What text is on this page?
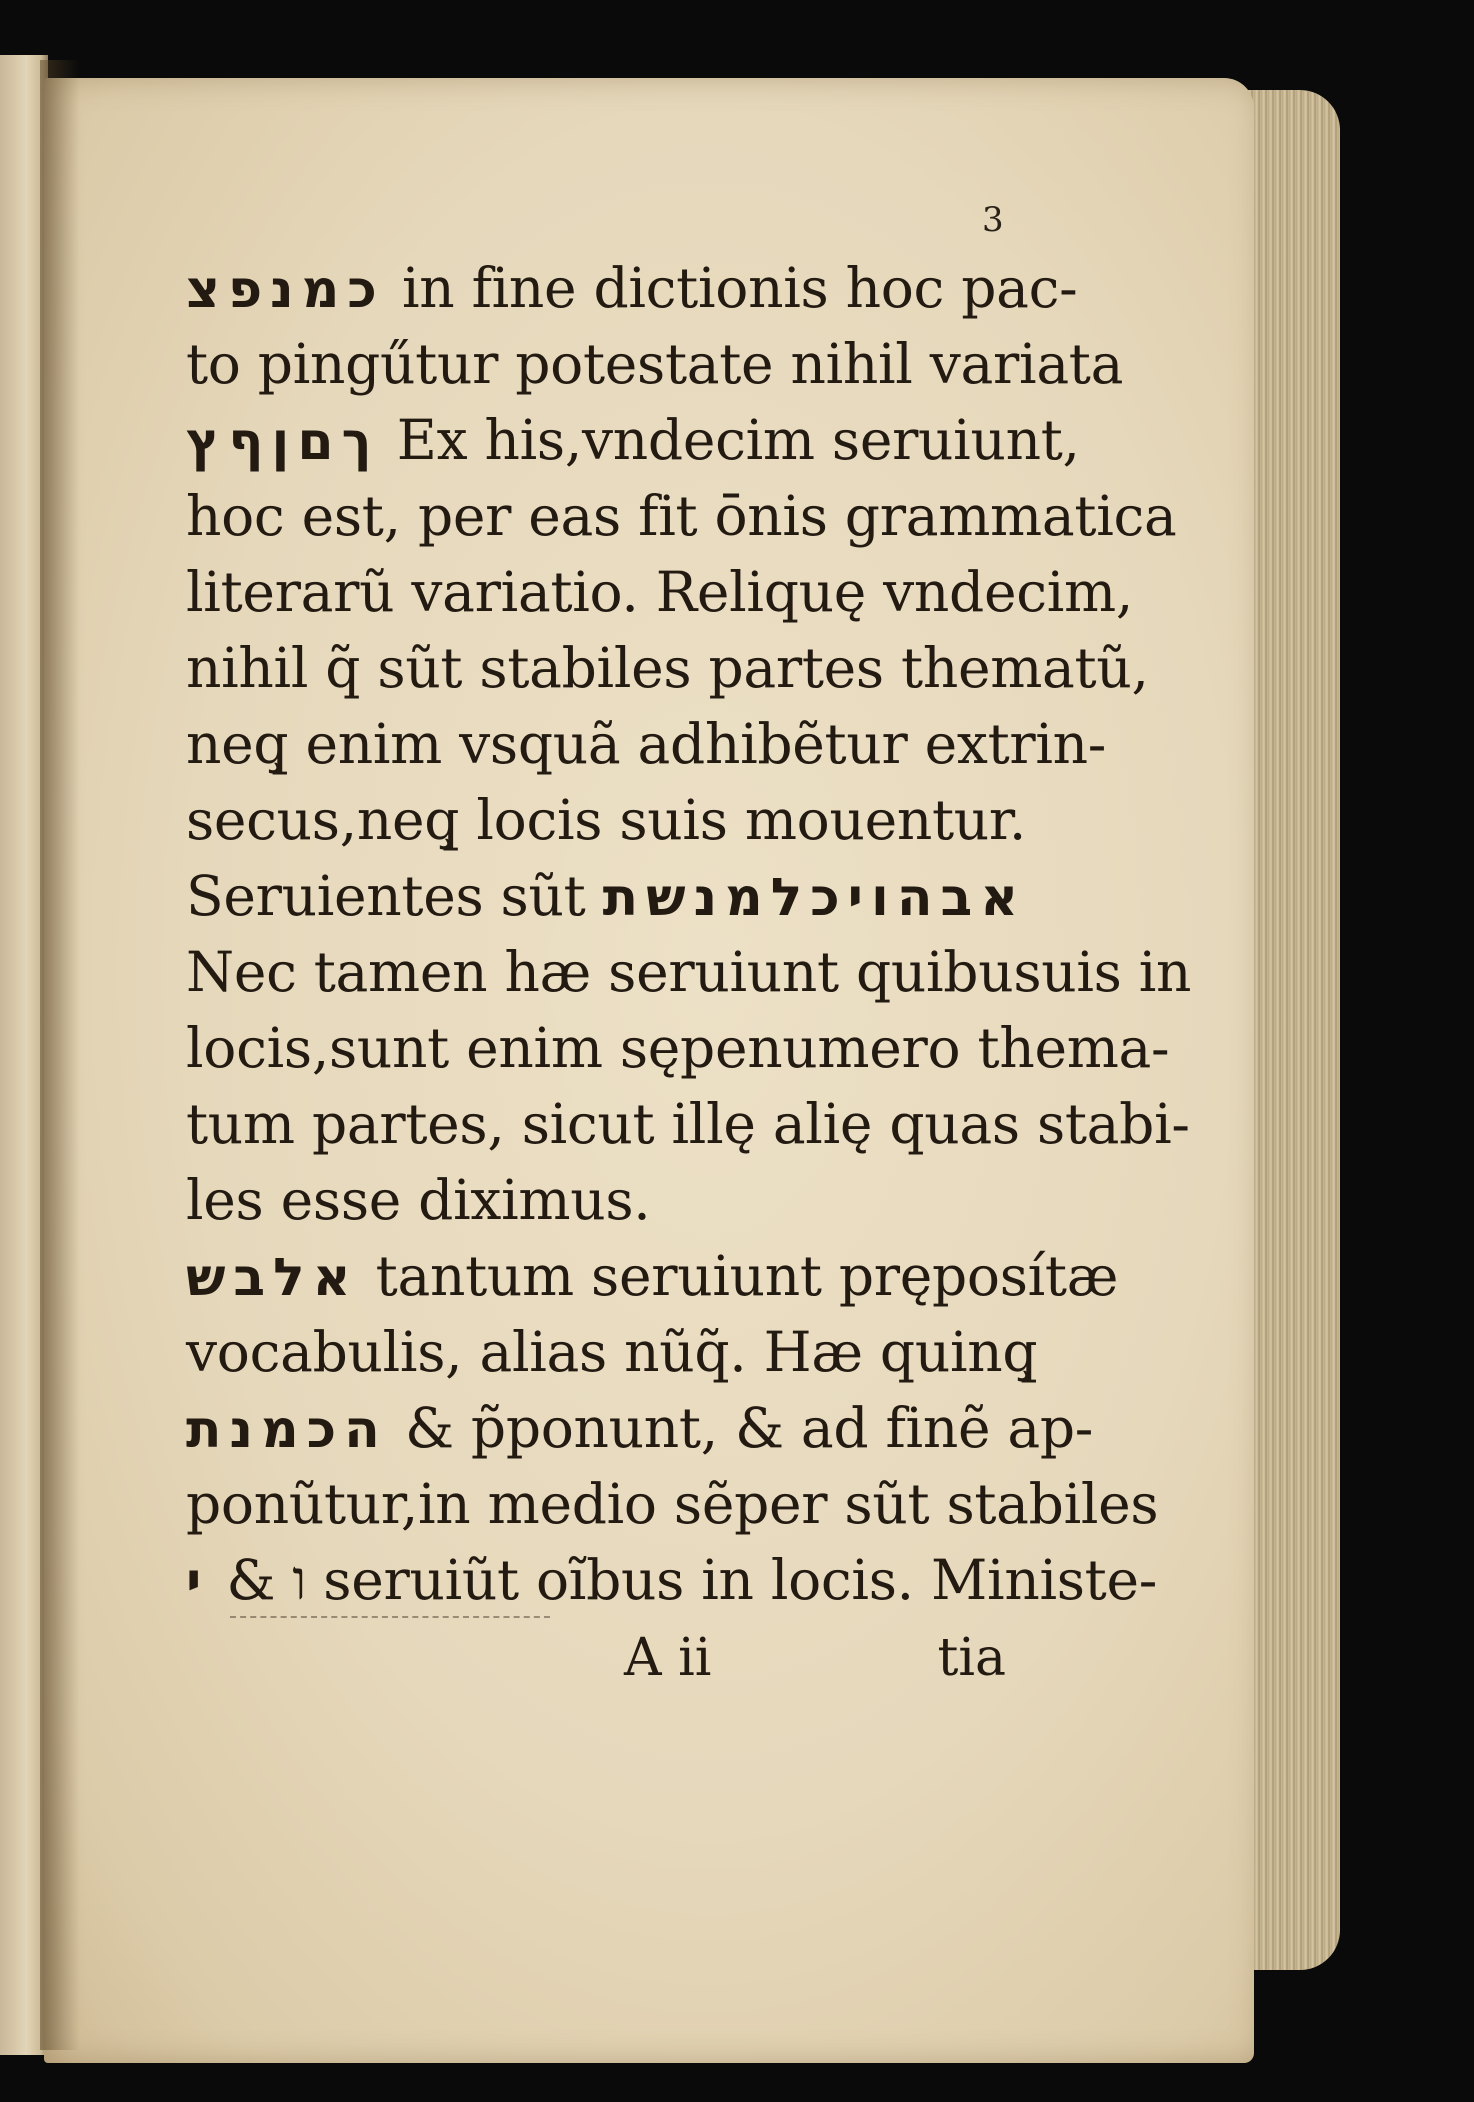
3
כמנפצ in fine dictionis hoc pac-
to pingűtur potestate nihil variata
ךםןףץ Ex his,vndecim seruiunt,
hoc est, per eas fit ōnis grammatica
literarũ variatio. Reliquę vndecim,
nihil q̃ sũt stabiles partes thematũ,
neq̧ enim vsquã adhibẽtur extrin-
secus,neq̧ locis suis mouentur.
Seruientes sũt אבהויכלמנשת
Nec tamen hæ seruiunt quibusuis in
locis,sunt enim sępenumero thema-
tum partes, sicut illę alię quas stabi-
les esse diximus.
אלבש tantum seruiunt pręposítæ
vocabulis, alias nũq̃. Hæ quinq̧
הכמנת & p̃ponunt, & ad finẽ ap-
ponũtur,in medio sẽper sũt stabiles
י & ו seruiũt oĩbus in locis. Ministe-
A ii	tia
